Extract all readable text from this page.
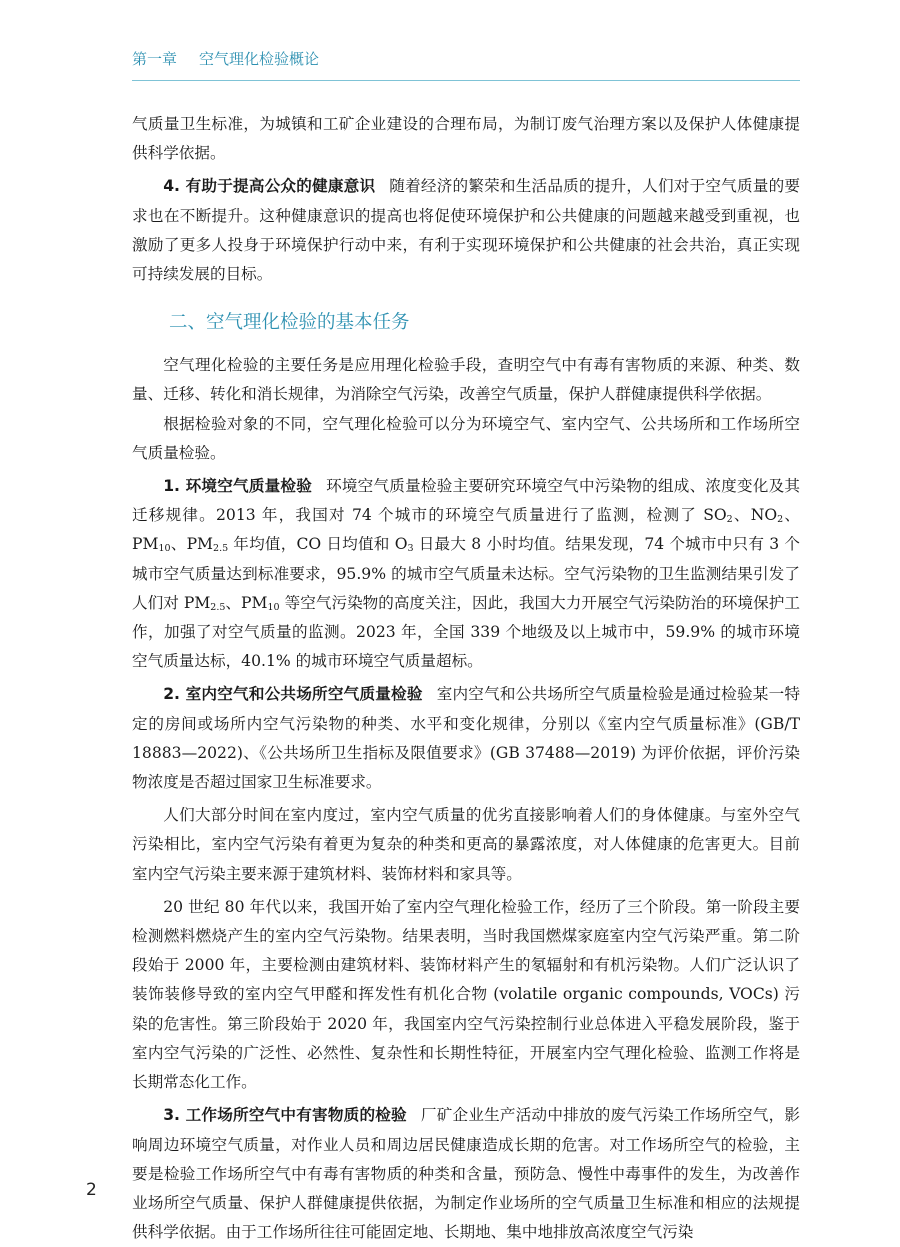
第一章 空气理化检验概论

气质量卫生标准，为城镇和工矿企业建设的合理布局，为制订废气治理方案以及保护人体健康提供科学依据。

4. 有助于提高公众的健康意识 随着经济的繁荣和生活品质的提升，人们对于空气质量的要求也在不断提升。这种健康意识的提高也将促使环境保护和公共健康的问题越来越受到重视，也激励了更多人投身于环境保护行动中来，有利于实现环境保护和公共健康的社会共治，真正实现可持续发展的目标。

二、空气理化检验的基本任务

空气理化检验的主要任务是应用理化检验手段，查明空气中有毒有害物质的来源、种类、数量、迁移、转化和消长规律，为消除空气污染，改善空气质量，保护人群健康提供科学依据。

根据检验对象的不同，空气理化检验可以分为环境空气、室内空气、公共场所和工作场所空气质量检验。

1. 环境空气质量检验 环境空气质量检验主要研究环境空气中污染物的组成、浓度变化及其迁移规律。2013 年，我国对 74 个城市的环境空气质量进行了监测，检测了 $SO_2$、$NO_2$、$PM_{10}$、$PM_{2.5}$ 年均值，CO 日均值和 $O_3$ 日最大 8 小时均值。结果发现，74 个城市中只有 3 个城市空气质量达到标准要求，95.9% 的城市空气质量未达标。空气污染物的卫生监测结果引发了人们对 $PM_{2.5}$、$PM_{10}$ 等空气污染物的高度关注，因此，我国大力开展空气污染防治的环境保护工作，加强了对空气质量的监测。2023 年，全国 339 个地级及以上城市中，59.9% 的城市环境空气质量达标，40.1% 的城市环境空气质量超标。

2. 室内空气和公共场所空气质量检验 室内空气和公共场所空气质量检验是通过检验某一特定的房间或场所内空气污染物的种类、水平和变化规律，分别以《室内空气质量标准》(GB/T 18883—2022)、《公共场所卫生指标及限值要求》(GB 37488—2019) 为评价依据，评价污染物浓度是否超过国家卫生标准要求。

人们大部分时间在室内度过，室内空气质量的优劣直接影响着人们的身体健康。与室外空气污染相比，室内空气污染有着更为复杂的种类和更高的暴露浓度，对人体健康的危害更大。目前室内空气污染主要来源于建筑材料、装饰材料和家具等。

20 世纪 80 年代以来，我国开始了室内空气理化检验工作，经历了三个阶段。第一阶段主要检测燃料燃烧产生的室内空气污染物。结果表明，当时我国燃煤家庭室内空气污染严重。第二阶段始于 2000 年，主要检测由建筑材料、装饰材料产生的氡辐射和有机污染物。人们广泛认识了装饰装修导致的室内空气甲醛和挥发性有机化合物 (volatile organic compounds, VOCs) 污染的危害性。第三阶段始于 2020 年，我国室内空气污染控制行业总体进入平稳发展阶段，鉴于室内空气污染的广泛性、必然性、复杂性和长期性特征，开展室内空气理化检验、监测工作将是长期常态化工作。

3. 工作场所空气中有害物质的检验 厂矿企业生产活动中排放的废气污染工作场所空气，影响周边环境空气质量，对作业人员和周边居民健康造成长期的危害。对工作场所空气的检验，主要是检验工作场所空气中有毒有害物质的种类和含量，预防急、慢性中毒事件的发生，为改善作业场所空气质量、保护人群健康提供依据，为制定作业场所的空气质量卫生标准和相应的法规提供科学依据。由于工作场所往往可能固定地、长期地、集中地排放高浓度空气污染

2
